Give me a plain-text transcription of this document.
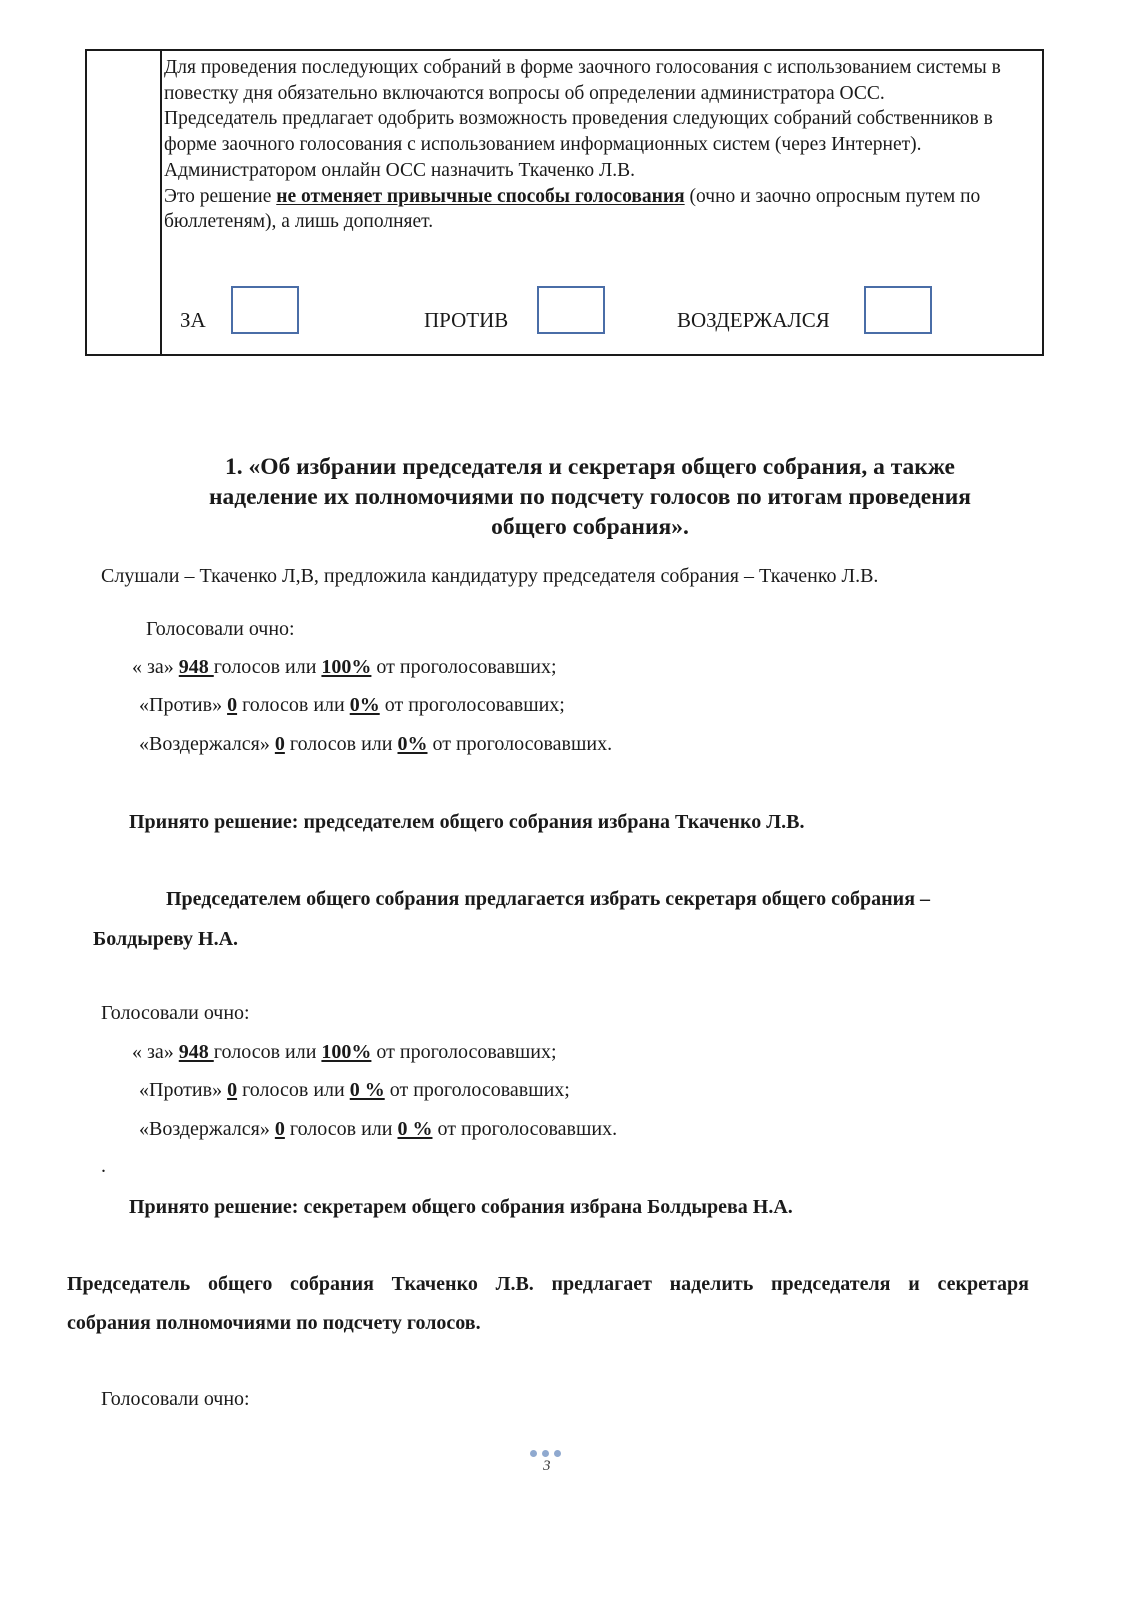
Для проведения последующих собраний в форме заочного голосования с использованием системы в повестку дня обязательно включаются вопросы об определении администратора ОСС.

Председатель предлагает одобрить возможность проведения следующих собраний собственников в форме заочного голосования с использованием информационных систем (через Интернет). Администратором онлайн ОСС назначить Ткаченко Л.В.

Это решение не отменяет привычные способы голосования (очно и заочно опросным путем по бюллетеням), а лишь дополняет.

ЗА	ПРОТИВ	ВОЗДЕРЖАЛСЯ
1. «Об избрании председателя и секретаря общего собрания, а также
наделение их полномочиями по подсчету голосов по итогам проведения
общего собрания».
Слушали – Ткаченко Л,В, предложила кандидатуру председателя собрания – Ткаченко Л.В.
Голосовали очно:
« за» 948 голосов или 100% от проголосовавших;
«Против» 0 голосов или 0% от проголосовавших;
«Воздержался» 0 голосов или 0% от проголосовавших.
Принято решение: председателем общего собрания избрана Ткаченко Л.В.
Председателем общего собрания предлагается избрать секретаря общего собрания –
Болдыреву Н.А.
Голосовали очно:
« за» 948 голосов или 100% от проголосовавших;
«Против» 0 голосов или 0 % от проголосовавших;
«Воздержался» 0 голосов или 0 % от проголосовавших.
.
Принято решение: секретарем общего собрания избрана Болдырева Н.А.
Председатель общего собрания Ткаченко Л.В. предлагает наделить председателя и секретаря
собрания полномочиями по подсчету голосов.
Голосовали очно:
3
